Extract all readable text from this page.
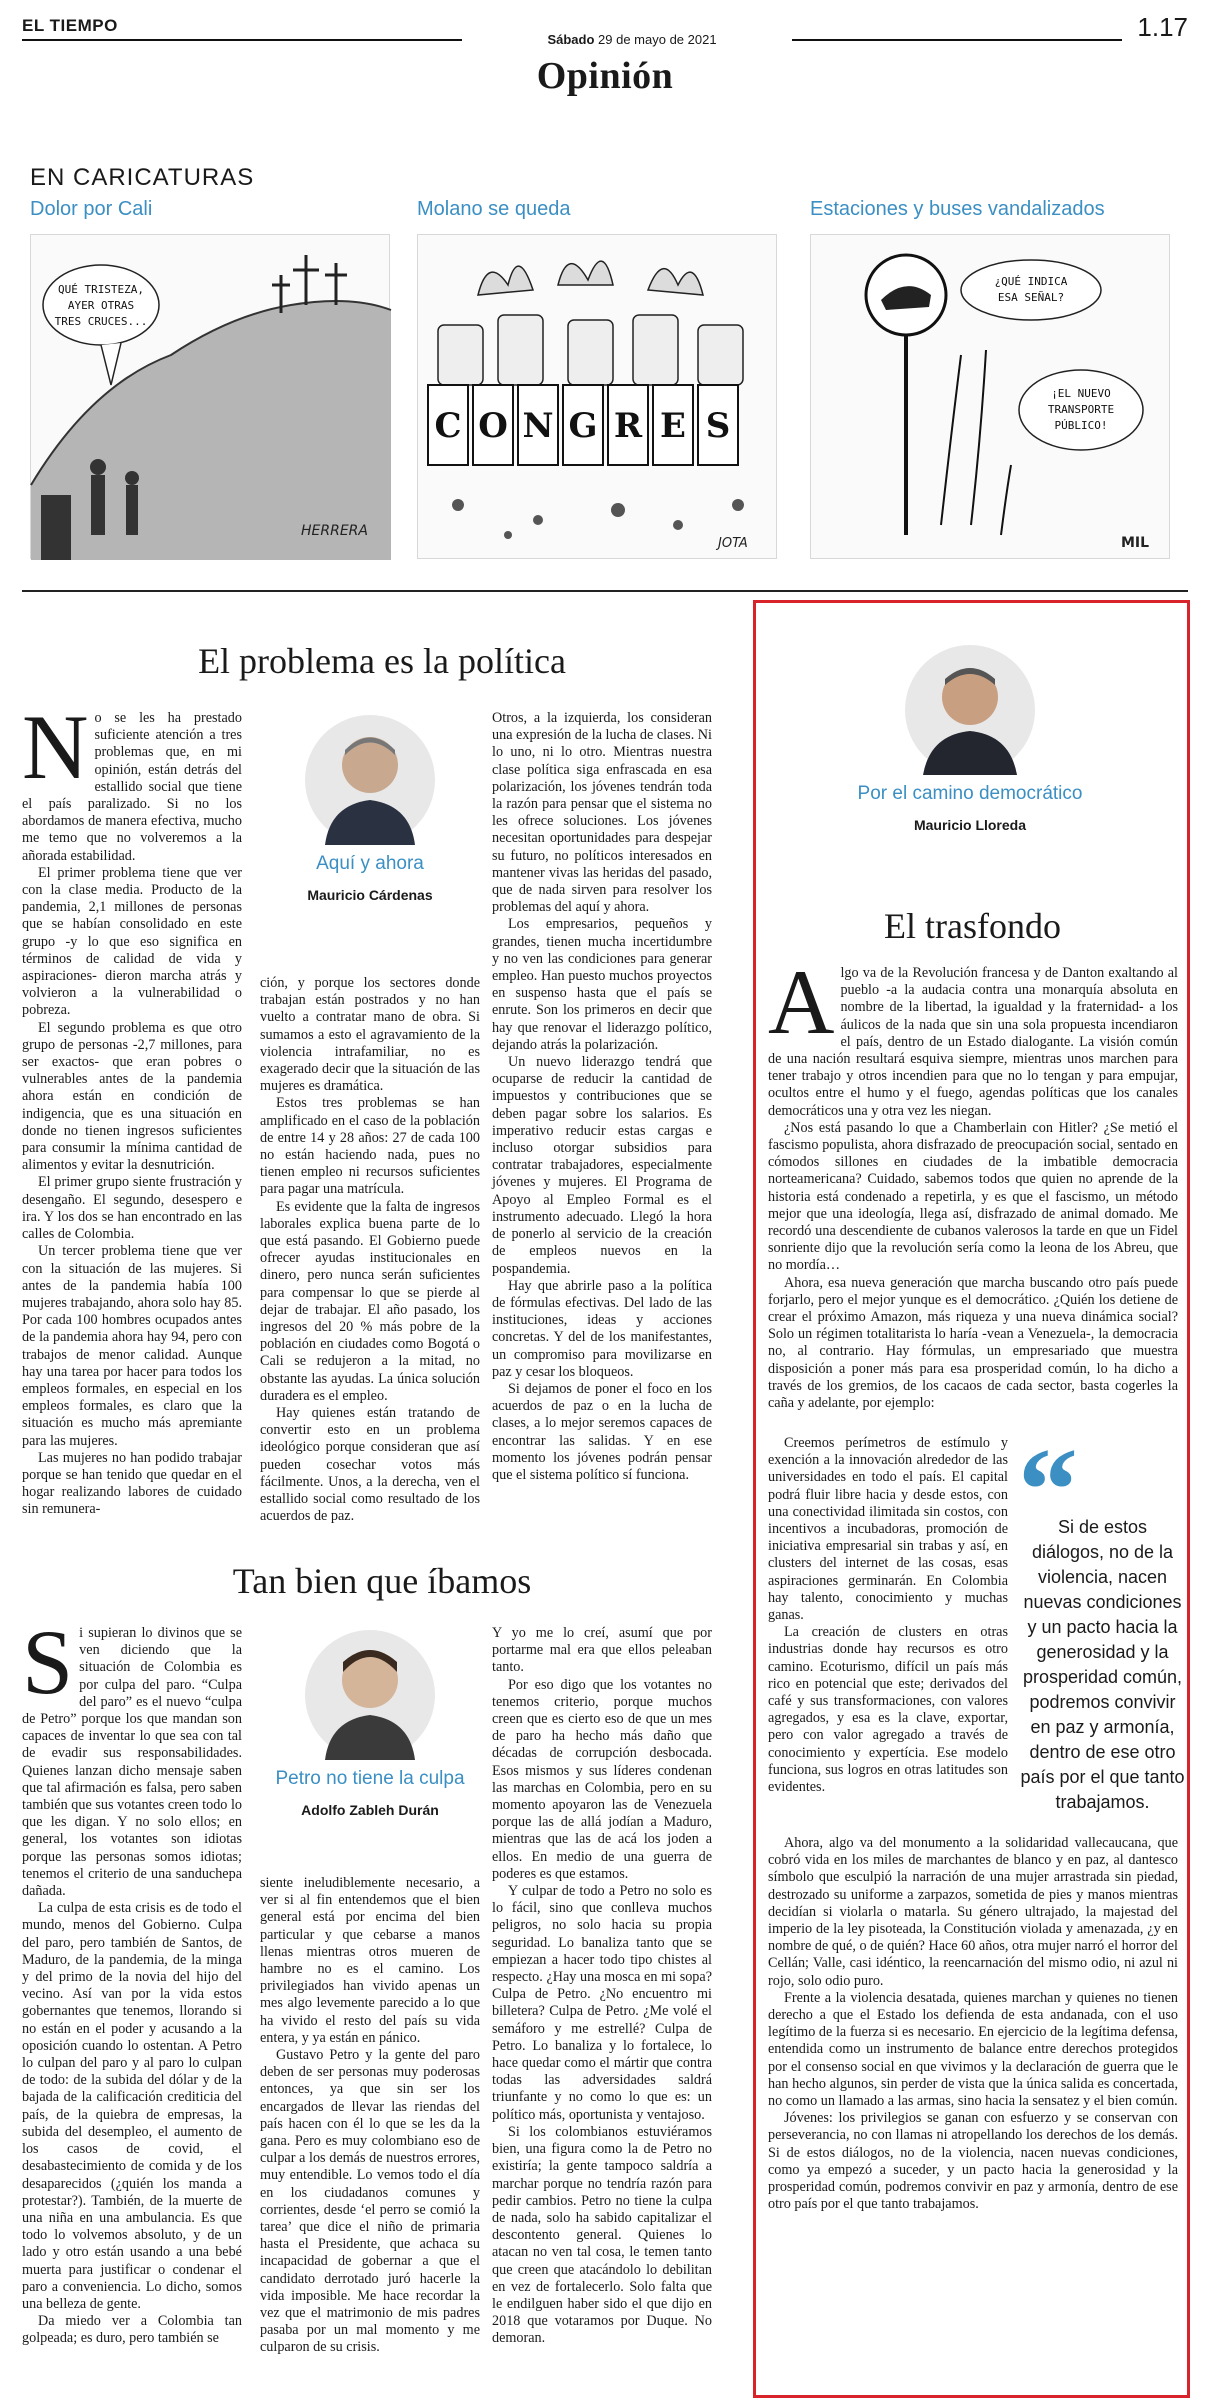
EL TIEMPO
Sábado 29 de mayo de 2021	1.17
Opinión
EN CARICATURAS
Dolor por Cali
QUÉ TRISTEZA,
AYER OTRAS
TRES CRUCES...
HERRERA
Molano se queda
C O N G R E S
JOTA
Estaciones y buses vandalizados
¿QUÉ INDICA
ESA SEÑAL?
¡EL NUEVO
TRANSPORTE
PÚBLICO!
MIL
El problema es la política

No se les ha prestado suficiente atención a tres problemas que, en mi opinión, están detrás del estallido social que tiene el país paralizado. Si no los abordamos de manera efectiva, mucho me temo que no volveremos a la añorada estabilidad.

El primer problema tiene que ver con la clase media. Producto de la pandemia, 2,1 millones de personas que se habían consolidado en este grupo -y lo que eso significa en términos de calidad de vida y aspiraciones- dieron marcha atrás y volvieron a la vulnerabilidad o pobreza.

El segundo problema es que otro grupo de personas -2,7 millones, para ser exactos- que eran pobres o vulnerables antes de la pandemia ahora están en condición de indigencia, que es una situación en donde no tienen ingresos suficientes para consumir la mínima cantidad de alimentos y evitar la desnutrición.

El primer grupo siente frustración y desengaño. El segundo, desespero e ira. Y los dos se han encontrado en las calles de Colombia.

Un tercer problema tiene que ver con la situación de las mujeres. Si antes de la pandemia había 100 mujeres trabajando, ahora solo hay 85. Por cada 100 hombres ocupados antes de la pandemia ahora hay 94, pero con trabajos de menor calidad. Aunque hay una tarea por hacer para todos los empleos formales, en especial en los empleos formales, es claro que la situación es mucho más apremiante para las mujeres.

Las mujeres no han podido trabajar porque se han tenido que quedar en el hogar realizando labores de cuidado sin remunera-

Aquí y ahora
Mauricio Cárdenas

ción, y porque los sectores donde trabajan están postrados y no han vuelto a contratar mano de obra. Si sumamos a esto el agravamiento de la violencia intrafamiliar, no es exagerado decir que la situación de las mujeres es dramática.

Estos tres problemas se han amplificado en el caso de la población de entre 14 y 28 años: 27 de cada 100 no están haciendo nada, pues no tienen empleo ni recursos suficientes para pagar una matrícula.

Es evidente que la falta de ingresos laborales explica buena parte de lo que está pasando. El Gobierno puede ofrecer ayudas institucionales en dinero, pero nunca serán suficientes para compensar lo que se pierde al dejar de trabajar. El año pasado, los ingresos del 20 % más pobre de la población en ciudades como Bogotá o Cali se redujeron a la mitad, no obstante las ayudas. La única solución duradera es el empleo.

Hay quienes están tratando de convertir esto en un problema ideológico porque consideran que así pueden cosechar votos más fácilmente. Unos, a la derecha, ven el estallido social como resultado de los acuerdos de paz.

Otros, a la izquierda, los consideran una expresión de la lucha de clases. Ni lo uno, ni lo otro. Mientras nuestra clase política siga enfrascada en esa polarización, los jóvenes tendrán toda la razón para pensar que el sistema no les ofrece soluciones. Los jóvenes necesitan oportunidades para despejar su futuro, no políticos interesados en mantener vivas las heridas del pasado, que de nada sirven para resolver los problemas del aquí y ahora.

Los empresarios, pequeños y grandes, tienen mucha incertidumbre y no ven las condiciones para generar empleo. Han puesto muchos proyectos en suspenso hasta que el país se enrute. Son los primeros en decir que hay que renovar el liderazgo político, dejando atrás la polarización.

Un nuevo liderazgo tendrá que ocuparse de reducir la cantidad de impuestos y contribuciones que se deben pagar sobre los salarios. Es imperativo reducir estas cargas e incluso otorgar subsidios para contratar trabajadores, especialmente jóvenes y mujeres. El Programa de Apoyo al Empleo Formal es el instrumento adecuado. Llegó la hora de ponerlo al servicio de la creación de empleos nuevos en la pospandemia.

Hay que abrirle paso a la política de fórmulas efectivas. Del lado de las instituciones, ideas y acciones concretas. Y del de los manifestantes, un compromiso para movilizarse en paz y cesar los bloqueos.

Si dejamos de poner el foco en los acuerdos de paz o en la lucha de clases, a lo mejor seremos capaces de encontrar las salidas. Y en ese momento los jóvenes podrán pensar que el sistema político sí funciona.

Tan bien que íbamos

Si supieran lo divinos que se ven diciendo que la situación de Colombia es por culpa del paro. “Culpa del paro” es el nuevo “culpa de Petro” porque los que mandan son capaces de inventar lo que sea con tal de evadir sus responsabilidades. Quienes lanzan dicho mensaje saben que tal afirmación es falsa, pero saben también que sus votantes creen todo lo que les digan. Y no solo ellos; en general, los votantes son idiotas porque las personas somos idiotas; tenemos el criterio de una sanducheра dañada.

La culpa de esta crisis es de todo el mundo, menos del Gobierno. Culpa del paro, pero también de Santos, de Maduro, de la pandemia, de la minga y del primo de la novia del hijo del vecino. Así van por la vida estos gobernantes que tenemos, llorando si no están en el poder y acusando a la oposición cuando lo ostentan. A Petro lo culpan del paro y al paro lo culpan de todo: de la subida del dólar y de la bajada de la calificación crediticia del país, de la quiebra de empresas, la subida del desempleo, el aumento de los casos de covid, el desabastecimiento de comida y de los desaparecidos (¿quién los manda a protestar?). También, de la muerte de una niña en una ambulancia. Es que todo lo volvemos absoluto, y de un lado y otro están usando a una bebé muerta para justificar o condenar el paro a conveniencia. Lo dicho, somos una belleza de gente.

Da miedo ver a Colombia tan golpeada; es duro, pero también se

Petro no tiene la culpa
Adolfo Zableh Durán

siente ineludiblemente necesario, a ver si al fin entendemos que el bien general está por encima del bien particular y que cebarse a manos llenas mientras otros mueren de hambre no es el camino. Los privilegiados han vivido apenas un mes algo levemente parecido a lo que ha vivido el resto del país su vida entera, y ya están en pánico.

Gustavo Petro y la gente del paro deben de ser personas muy poderosas entonces, ya que sin ser los encargados de llevar las riendas del país hacen con él lo que se les da la gana. Pero es muy colombiano eso de culpar a los demás de nuestros errores, muy entendible. Lo vemos todo el día en los ciudadanos comunes y corrientes, desde ‘el perro se comió la tarea’ que dice el niño de primaria hasta el Presidente, que achaca su incapacidad de gobernar a que el candidato derrotado juró hacerle la vida imposible. Me hace recordar la vez que el matrimonio de mis padres pasaba por un mal momento y me culparon de su crisis.

Y yo me lo creí, asumí que por portarme mal era que ellos peleaban tanto.

Por eso digo que los votantes no tenemos criterio, porque muchos creen que es cierto eso de que un mes de paro ha hecho más daño que décadas de corrupción desbocada. Esos mismos y sus líderes condenan las marchas en Colombia, pero en su momento apoyaron las de Venezuela porque las de allá jodían a Maduro, mientras que las de acá los joden a ellos. En medio de una guerra de poderes es que estamos.

Y culpar de todo a Petro no solo es lo fácil, sino que conlleva muchos peligros, no solo hacia su propia seguridad. Lo banaliza tanto que se empiezan a hacer todo tipo chistes al respecto. ¿Hay una mosca en mi sopa? Culpa de Petro. ¿No encuentro mi billetera? Culpa de Petro. ¿Me volé el semáforo y me estrellé? Culpa de Petro. Lo banaliza y lo fortalece, lo hace quedar como el mártir que contra todas las adversidades saldrá triunfante y no como lo que es: un político más, oportunista y ventajoso.

Si los colombianos estuviéramos bien, una figura como la de Petro no existiría; la gente tampoco saldría a marchar porque no tendría razón para pedir cambios. Petro no tiene la culpa de nada, solo ha sabido capitalizar el descontento general. Quienes lo atacan no ven tal cosa, le temen tanto que creen que atacándolo lo debilitan en vez de fortalecerlo. Solo falta que le endilguen haber sido el que dijo en 2018 que votaramos por Duque. No demoran.

Por el camino democrático
Mauricio Lloreda
El trasfondo

Algo va de la Revolución francesa y de Danton exaltando al pueblo -a la audacia contra una monarquía absoluta en nombre de la libertad, la igualdad y la fraternidad- a los áulicos de la nada que sin una sola propuesta incendiaron el país, dentro de un Estado dialogante. La visión común de una nación resultará esquiva siempre, mientras unos marchen para tener trabajo y otros incendien para que no lo tengan y para empujar, ocultos entre el humo y el fuego, agendas políticas que los canales democráticos una y otra vez les niegan.

¿Nos está pasando lo que a Chamberlain con Hitler? ¿Se metió el fascismo populista, ahora disfrazado de preocupación social, sentado en cómodos sillones en ciudades de la imbatible democracia norteamericana? Cuidado, sabemos todos que quien no aprende de la historia está condenado a repetirla, y es que el fascismo, un método mejor que una ideología, llega así, disfrazado de animal domado. Me recordó una descendiente de cubanos valerosos la tarde en que un Fidel sonriente dijo que la revolución sería como la leona de los Abreu, que no mordía…

Ahora, esa nueva generación que marcha buscando otro país puede forjarlo, pero el mejor yunque es el democrático. ¿Quién los detiene de crear el próximo Amazon, más riqueza y una nueva dinámica social? Solo un régimen totalitarista lo haría -vean a Venezuela-, la democracia no, al contrario. Hay fórmulas, un empresariado que muestra disposición a poner más para esa prosperidad común, lo ha dicho a través de los gremios, de los cacaos de cada sector, basta cogerles la caña y adelante, por ejemplo:

Creemos perímetros de estímulo y exención a la innovación alrededor de las universidades en todo el país. El capital podrá fluir libre hacia y desde estos, con una conectividad ilimitada sin costos, con incentivos a incubadoras, promoción de iniciativa empresarial sin trabas y así, en clusters del internet de las cosas, esas aspiraciones germinarán. En Colombia hay talento, conocimiento y muchas ganas.

La creación de clusters en otras industrias donde hay recursos es otro camino. Ecoturismo, difícil un país más rico en potencial que este; derivados del café y sus transformaciones, con valores agregados, y esa es la clave, exportar, pero con valor agregado a través de conocimiento y expertícia. Ese modelo funciona, sus logros en otras latitudes son evidentes.

“
Si de estos diálogos, no de la violencia, nacen nuevas condiciones y un pacto hacia la generosidad y la prosperidad común, podremos convivir en paz y armonía, dentro de ese otro país por el que tanto trabajamos.

Ahora, algo va del monumento a la solidaridad vallecaucana, que cobró vida en los miles de marchantes de blanco y en paz, al dantesco símbolo que esculpió la narración de una mujer arrastrada sin piedad, destrozado su uniforme a zarpazos, sometida de pies y manos mientras decidían si violarla o matarla. Su género ultrajado, la majestad del imperio de la ley pisoteada, la Constitución violada y amenazada, ¿y en nombre de qué, o de quién? Hace 60 años, otra mujer narró el horror del Cellán; Valle, casi idéntico, la reencarnación del mismo odio, ni azul ni rojo, solo odio puro.

Frente a la violencia desatada, quienes marchan y quienes no tienen derecho a que el Estado los defienda de esta andanada, con el uso legítimo de la fuerza si es necesario. En ejercicio de la legítima defensa, entendida como un instrumento de balance entre derechos protegidos por el consenso social en que vivimos y la declaración de guerra que le han hecho algunos, sin perder de vista que la única salida es concertada, no como un llamado a las armas, sino hacia la sensatez y el bien común.

Jóvenes: los privilegios se ganan con esfuerzo y se conservan con perseverancia, no con llamas ni atropellando los derechos de los demás. Si de estos diálogos, no de la violencia, nacen nuevas condiciones, como ya empezó a suceder, y un pacto hacia la generosidad y la prosperidad común, podremos convivir en paz y armonía, dentro de ese otro país por el que tanto trabajamos.
